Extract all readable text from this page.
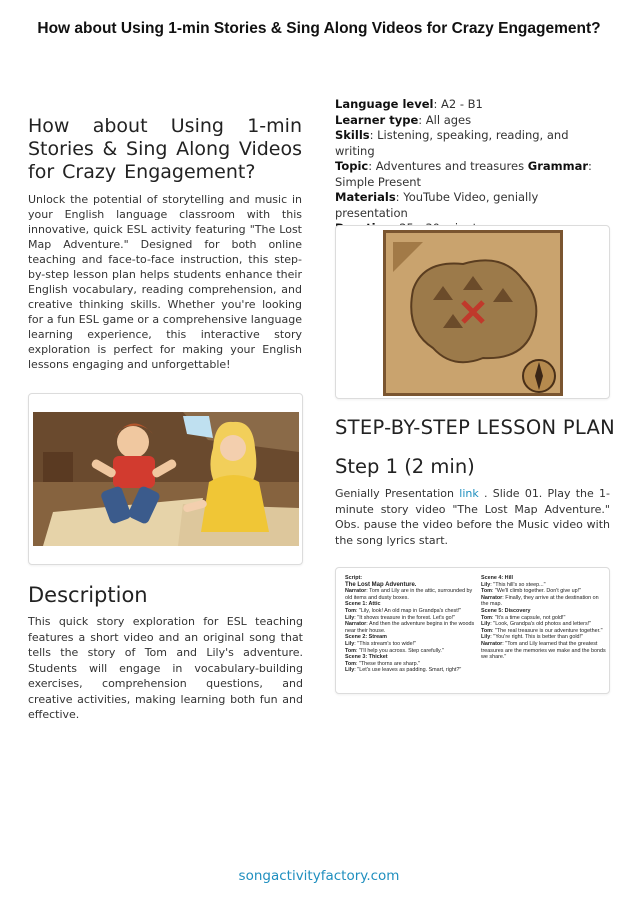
How about Using 1-min Stories & Sing Along Videos for Crazy Engagement?
How about Using 1-min Stories & Sing Along Videos for Crazy Engagement?

Unlock the potential of storytelling and music in your English language classroom with this innovative, quick ESL activity featuring "The Lost Map Adventure." Designed for both online teaching and face-to-face instruction, this step-by-step lesson plan helps students enhance their English vocabulary, reading comprehension, and creative thinking skills. Whether you're looking for a fun ESL game or a comprehensive language learning experience, this interactive story exploration is perfect for making your English lessons engaging and unforgettable!

Description

This quick story exploration for ESL teaching features a short video and an original song that tells the story of Tom and Lily's adventure. Students will engage in vocabulary-building exercises, comprehension questions, and creative activities, making learning both fun and effective.

Language level: A2 - B1
Learner type: All ages
Skills: Listening, speaking, reading, and writing
Topic: Adventures and treasures Grammar: Simple Present
Materials: YouTube Video, genially presentation
STEP-BY-STEP LESSON PLAN
Step 1 (2 min)

Genially Presentation link . Slide 01. Play the 1-minute story video "The Lost Map Adventure." Obs. pause the video before the Music video with the song lyrics start.

Script:
The Lost Map Adventure.
Narrator: Tom and Lily are in the attic, surrounded by old items and dusty boxes.
Scene 1: Attic
Tom: "Lily, look! An old map in Grandpa's chest!"
Lily: "It shows treasure in the forest. Let's go!"
Narrator: And then the adventure begins in the woods near their house.
Scene 2: Stream
Lily: "This stream's too wide!"
Tom: "I'll help you across. Step carefully."
Scene 3: Thicket
Tom: "These thorns are sharp."
Lily: "Let's use leaves as padding. Smart, right?"
Scene 4: Hill
Lily: "This hill's so steep..."
Tom: "We'll climb together. Don't give up!"
Narrator: Finally, they arrive at the destination on the map.
Scene 5: Discovery
Tom: "It's a time capsule, not gold!"
Lily: "Look, Grandpa's old photos and letters!"
Tom: "The real treasure is our adventure together."
Lily: "You're right. This is better than gold!"
Narrator: "Tom and Lily learned that the greatest treasures are the memories we make and the bonds we share."
songactivityfactory.com
